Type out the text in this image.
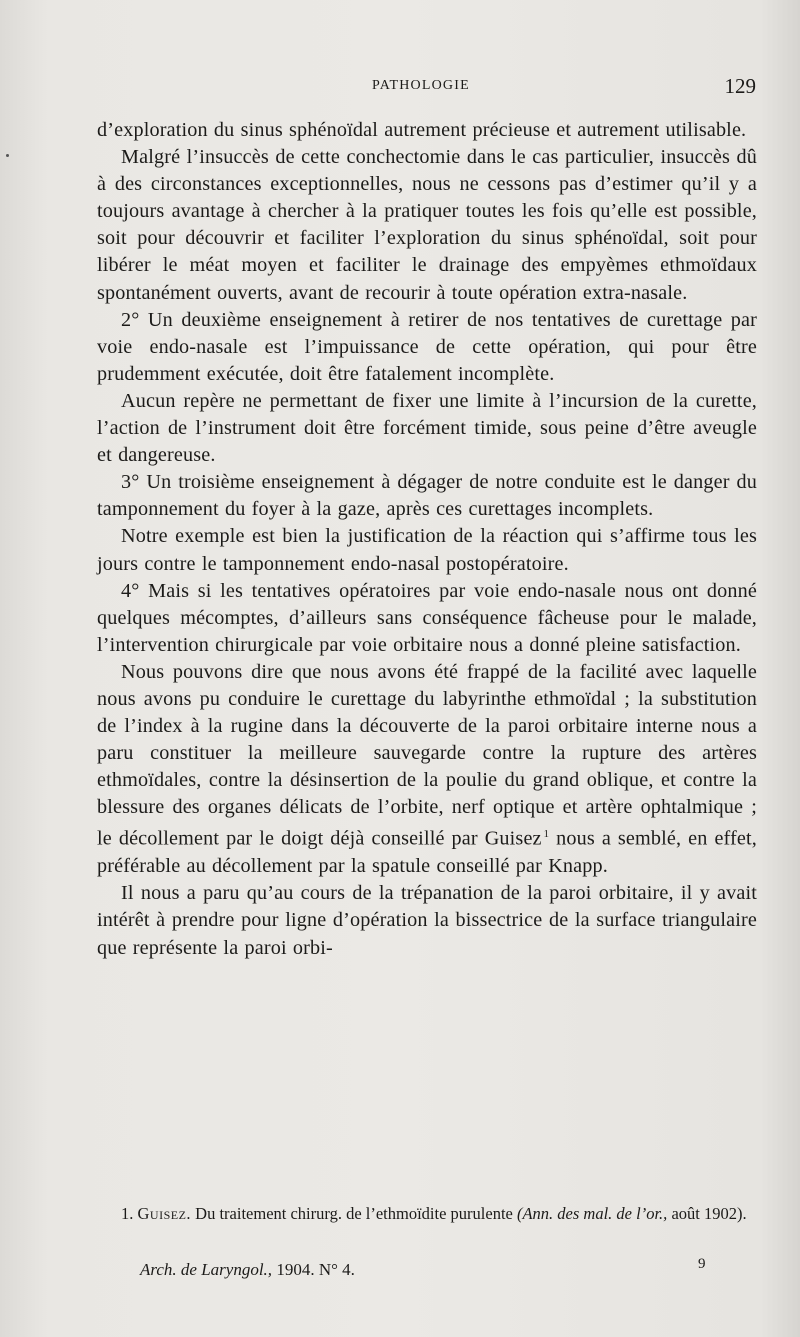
PATHOLOGIE	129

d’exploration du sinus sphénoïdal autrement précieuse et autrement utilisable.

Malgré l’insuccès de cette conchectomie dans le cas particulier, insuccès dû à des circonstances exceptionnelles, nous ne cessons pas d’estimer qu’il y a toujours avantage à chercher à la pratiquer toutes les fois qu’elle est possible, soit pour découvrir et faciliter l’exploration du sinus sphénoïdal, soit pour libérer le méat moyen et faciliter le drainage des empyèmes ethmoïdaux spontanément ouverts, avant de recourir à toute opération extra-nasale.

2° Un deuxième enseignement à retirer de nos tentatives de curettage par voie endo-nasale est l’impuissance de cette opération, qui pour être prudemment exécutée, doit être fatalement incomplète.

Aucun repère ne permettant de fixer une limite à l’incursion de la curette, l’action de l’instrument doit être forcément timide, sous peine d’être aveugle et dangereuse.

3° Un troisième enseignement à dégager de notre conduite est le danger du tamponnement du foyer à la gaze, après ces curettages incomplets.

Notre exemple est bien la justification de la réaction qui s’affirme tous les jours contre le tamponnement endo-nasal postopératoire.

4° Mais si les tentatives opératoires par voie endo-nasale nous ont donné quelques mécomptes, d’ailleurs sans conséquence fâcheuse pour le malade, l’intervention chirurgicale par voie orbitaire nous a donné pleine satisfaction.

Nous pouvons dire que nous avons été frappé de la facilité avec laquelle nous avons pu conduire le curettage du labyrinthe ethmoïdal ; la substitution de l’index à la rugine dans la découverte de la paroi orbitaire interne nous a paru constituer la meilleure sauvegarde contre la rupture des artères ethmoïdales, contre la désinsertion de la poulie du grand oblique, et contre la blessure des organes délicats de l’orbite, nerf optique et artère ophtalmique ; le décollement par le doigt déjà conseillé par Guisez  $^1$ nous a semblé, en effet, préférable au décollement par la spatule conseillé par Knapp.

Il nous a paru qu’au cours de la trépanation de la paroi orbitaire, il y avait intérêt à prendre pour ligne d’opération la bissectrice de la surface triangulaire que représente la paroi orbi-

1. Guisez. Du traitement chirurg. de l’ethmoïdite purulente (Ann. des mal. de l’or., août 1902).

Arch. de Laryngol., 1904. N° 4.	9
